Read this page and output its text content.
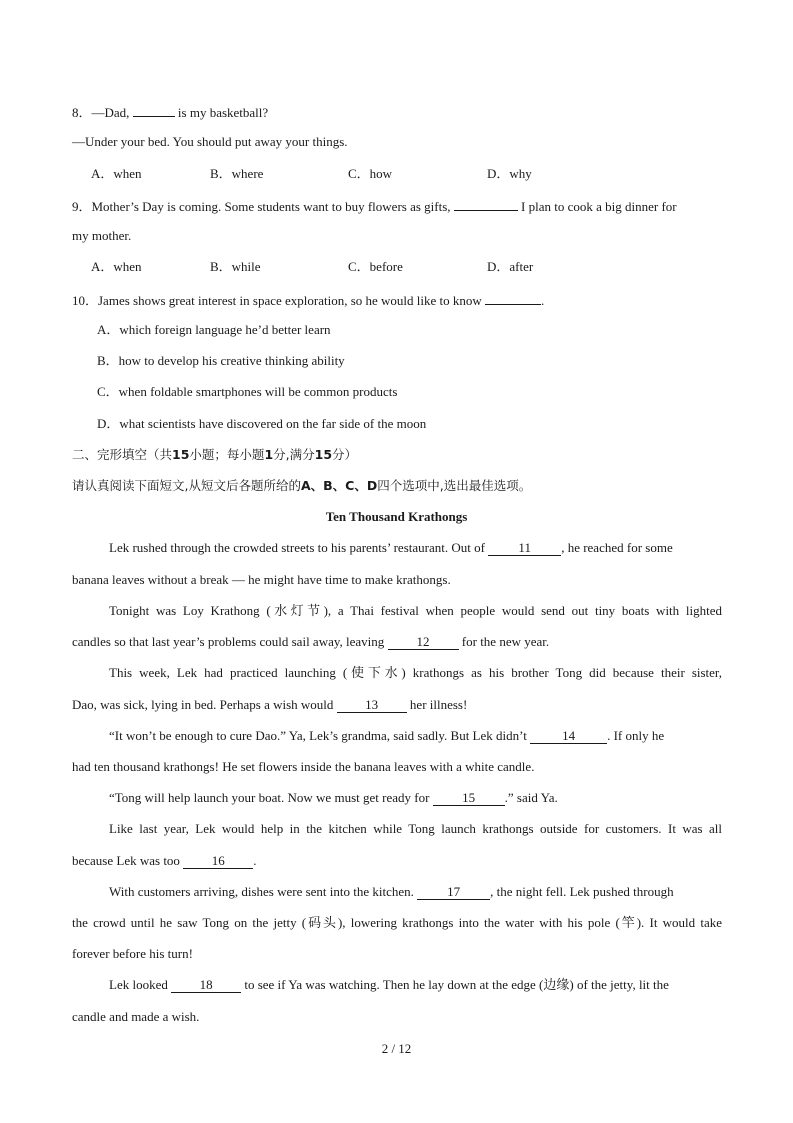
8．—Dad,	is my basketball?
—Under your bed. You should put away your things.
A．when	B．where	C．how	D．why
9．Mother’s Day is coming. Some students want to buy flowers as gifts,	I plan to cook a big dinner for
my mother.
A．when	B．while	C．before	D．after
10．James shows great interest in space exploration, so he would like to know	.
A．which foreign language he’d better learn
B．how to develop his creative thinking ability
C．when foldable smartphones will be common products
D．what scientists have discovered on the far side of the moon
二、完形填空（共15小题；每小题1分,满分15分）
请认真阅读下面短文,从短文后各题所给的A、B、C、D四个选项中,选出最佳选项。
Ten Thousand Krathongs
Lek rushed through the crowded streets to his parents’ restaurant. Out of 11 , he reached for some
banana leaves without a break — he might have time to make krathongs.
Tonight was Loy Krathong (水灯节), a Thai festival when people would send out tiny boats with lighted
candles so that last year’s problems could sail away, leaving 12 for the new year.
This week, Lek had practiced launching (使下水) krathongs as his brother Tong did because their sister,
Dao, was sick, lying in bed. Perhaps a wish would 13 her illness!
“It won’t be enough to cure Dao.” Ya, Lek’s grandma, said sadly. But Lek didn’t 14 . If only he
had ten thousand krathongs! He set flowers inside the banana leaves with a white candle.
“Tong will help launch your boat. Now we must get ready for 15 .” said Ya.
Like last year, Lek would help in the kitchen while Tong launch krathongs outside for customers. It was all
because Lek was too 16 .
With customers arriving, dishes were sent into the kitchen. 17 , the night fell. Lek pushed through
the crowd until he saw Tong on the jetty (码头), lowering krathongs into the water with his pole (竿). It would take
forever before his turn!
Lek looked 18 to see if Ya was watching. Then he lay down at the edge (边缘) of the jetty, lit the
candle and made a wish.
2 / 12
